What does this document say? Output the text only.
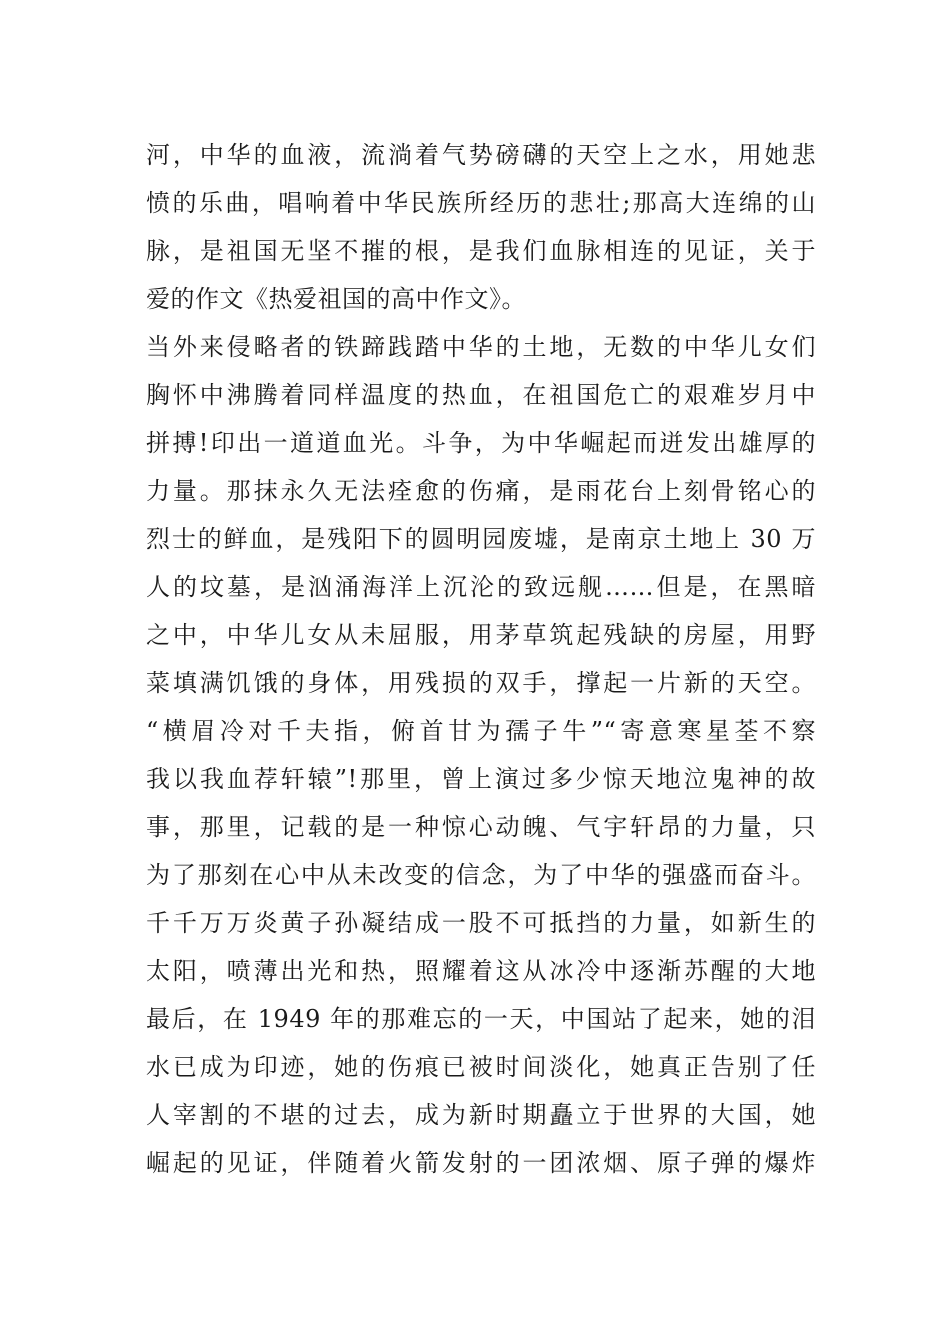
河，中华的血液，流淌着气势磅礴的天空上之水，用她悲
愤的乐曲，唱响着中华民族所经历的悲壮;那高大连绵的山
脉，是祖国无坚不摧的根，是我们血脉相连的见证，关于
爱的作文《热爱祖国的高中作文》。
当外来侵略者的铁蹄践踏中华的土地，无数的中华儿女们
胸怀中沸腾着同样温度的热血，在祖国危亡的艰难岁月中
拼搏!印出一道道血光。斗争，为中华崛起而迸发出雄厚的
力量。那抹永久无法痊愈的伤痛，是雨花台上刻骨铭心的
烈士的鲜血，是残阳下的圆明园废墟，是南京土地上 30 万
人的坟墓，是汹涌海洋上沉沦的致远舰……但是，在黑暗
之中，中华儿女从未屈服，用茅草筑起残缺的房屋，用野
菜填满饥饿的身体，用残损的双手，撑起一片新的天空。
“横眉冷对千夫指，俯首甘为孺子牛”“寄意寒星荃不察
我以我血荐轩辕”!那里，曾上演过多少惊天地泣鬼神的故
事，那里，记载的是一种惊心动魄、气宇轩昂的力量，只
为了那刻在心中从未改变的信念，为了中华的强盛而奋斗。
千千万万炎黄子孙凝结成一股不可抵挡的力量，如新生的
太阳，喷薄出光和热，照耀着这从冰冷中逐渐苏醒的大地
最后，在 1949 年的那难忘的一天，中国站了起来，她的泪
水已成为印迹，她的伤痕已被时间淡化，她真正告别了任
人宰割的不堪的过去，成为新时期矗立于世界的大国，她
崛起的见证，伴随着火箭发射的一团浓烟、原子弹的爆炸
